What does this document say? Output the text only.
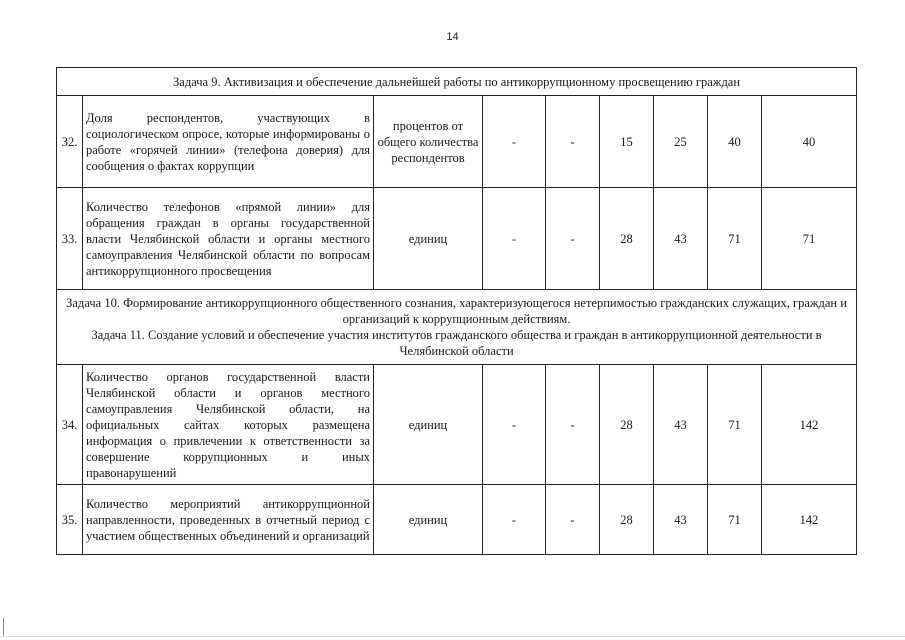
14
Задача 9. Активизация и обеспечение дальнейшей работы по антикоррупционному просвещению граждан								
32.	Доля респондентов, участвующих в социологическом опросе, которые информированы о работе «горячей линии» (телефона доверия) для сообщения о фактах коррупции	процентов от общего количества респондентов	-	-	15	25	40	40
33.	Количество телефонов «прямой линии» для обращения граждан в органы государственной власти Челябинской области и органы местного самоуправления Челябинской области по вопросам антикоррупционного просвещения	единиц	-	-	28	43	71	71

Задача 10. Формирование антикоррупционного общественного сознания, характеризующегося нетерпимостью гражданских служащих, граждан и организаций к коррупционным действиям.
Задача 11. Создание условий и обеспечение участия институтов гражданского общества и граждан в антикоррупционной деятельности в Челябинской области								

34.	Количество органов государственной власти Челябинской области и органов местного самоуправления Челябинской области, на официальных сайтах которых размещена информация о привлечении к ответственности за совершение коррупционных и иных правонарушений	единиц	-	-	28	43	71	142
35.	Количество мероприятий антикоррупционной направленности, проведенных в отчетный период с участием общественных объединений и организаций	единиц	-	-	28	43	71	142
